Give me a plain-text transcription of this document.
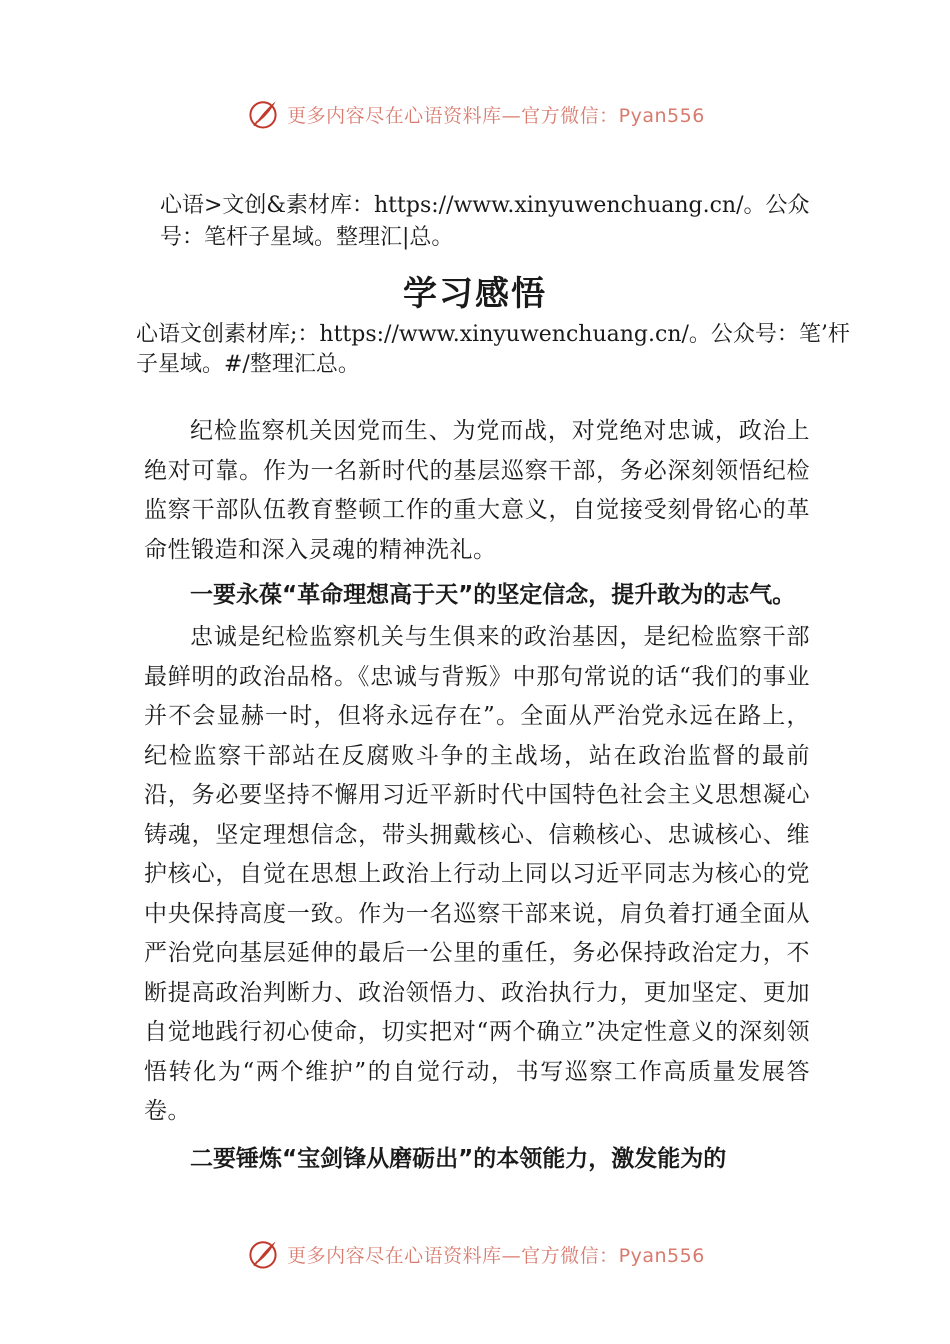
更多内容尽在心语资料库—官方微信：Pyan556

心语>文创&素材库：https://www.xinyuwenchuang.cn/。公众号：笔杆子星域。整理汇|总。

学习感悟

心语文创素材库;：https://www.xinyuwenchuang.cn/。公众号：笔’杆子星域。#/整理汇总。

纪检监察机关因党而生、为党而战，对党绝对忠诚，政治上绝对可靠。作为一名新时代的基层巡察干部，务必深刻领悟纪检监察干部队伍教育整顿工作的重大意义，自觉接受刻骨铭心的革命性锻造和深入灵魂的精神洗礼。

一要永葆“革命理想高于天”的坚定信念，提升敢为的志气。

忠诚是纪检监察机关与生俱来的政治基因，是纪检监察干部最鲜明的政治品格。《忠诚与背叛》中那句常说的话“我们的事业并不会显赫一时，但将永远存在”。全面从严治党永远在路上，纪检监察干部站在反腐败斗争的主战场，站在政治监督的最前沿，务必要坚持不懈用习近平新时代中国特色社会主义思想凝心铸魂，坚定理想信念，带头拥戴核心、信赖核心、忠诚核心、维护核心，自觉在思想上政治上行动上同以习近平同志为核心的党中央保持高度一致。作为一名巡察干部来说，肩负着打通全面从严治党向基层延伸的最后一公里的重任，务必保持政治定力，不断提高政治判断力、政治领悟力、政治执行力，更加坚定、更加自觉地践行初心使命，切实把对“两个确立”决定性意义的深刻领悟转化为“两个维护”的自觉行动，书写巡察工作高质量发展答卷。

二要锤炼“宝剑锋从磨砺出”的本领能力，激发能为的

更多内容尽在心语资料库—官方微信：Pyan556
